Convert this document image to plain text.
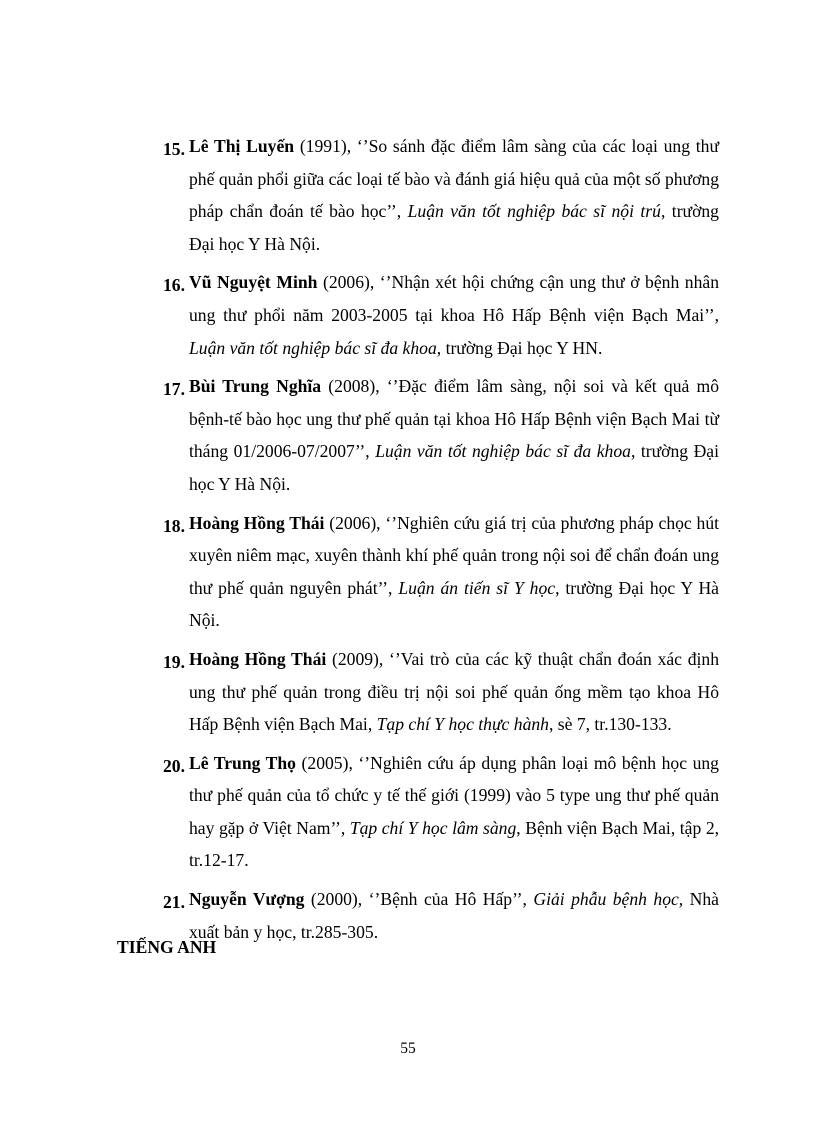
15. Lê Thị Luyến (1991), ‘’So sánh đặc điểm lâm sàng của các loại ung thư phế quản phổi giữa các loại tế bào và đánh giá hiệu quả của một số phương pháp chẩn đoán tế bào học’’, Luận văn tốt nghiệp bác sĩ nội trú, trường Đại học Y Hà Nội.
16. Vũ Nguyệt Minh (2006), ‘’Nhận xét hội chứng cận ung thư ở bệnh nhân ung thư phổi năm 2003-2005 tại khoa Hô Hấp Bệnh viện Bạch Mai’’, Luận văn tốt nghiệp bác sĩ đa khoa, trường Đại học Y HN.
17. Bùi Trung Nghĩa (2008), ‘’Đặc điểm lâm sàng, nội soi và kết quả mô bệnh-tế bào học ung thư phế quản tại khoa Hô Hấp Bệnh viện Bạch Mai từ tháng 01/2006-07/2007’’, Luận văn tốt nghiệp bác sĩ đa khoa, trường Đại học Y Hà Nội.
18. Hoàng Hồng Thái (2006), ‘’Nghiên cứu giá trị của phương pháp chọc hút xuyên niêm mạc, xuyên thành khí phế quản trong nội soi để chẩn đoán ung thư phế quản nguyên phát’’, Luận án tiến sĩ Y học, trường Đại học Y Hà Nội.
19. Hoàng Hồng Thái (2009), ‘’Vai trò của các kỹ thuật chẩn đoán xác định ung thư phế quản trong điều trị nội soi phế quản ống mềm tạo khoa Hô Hấp Bệnh viện Bạch Mai, Tạp chí Y học thực hành, sè 7, tr.130-133.
20. Lê Trung Thọ (2005), ‘’Nghiên cứu áp dụng phân loại mô bệnh học ung thư phế quản của tổ chức y tế thế giới (1999) vào 5 type ung thư phế quản hay gặp ở Việt Nam’’, Tạp chí Y học lâm sàng, Bệnh viện Bạch Mai, tập 2, tr.12-17.
21. Nguyễn Vượng (2000), ‘’Bệnh của Hô Hấp’’, Giải phẫu bệnh học, Nhà xuất bản y học, tr.285-305.
TIẾNG ANH
55
